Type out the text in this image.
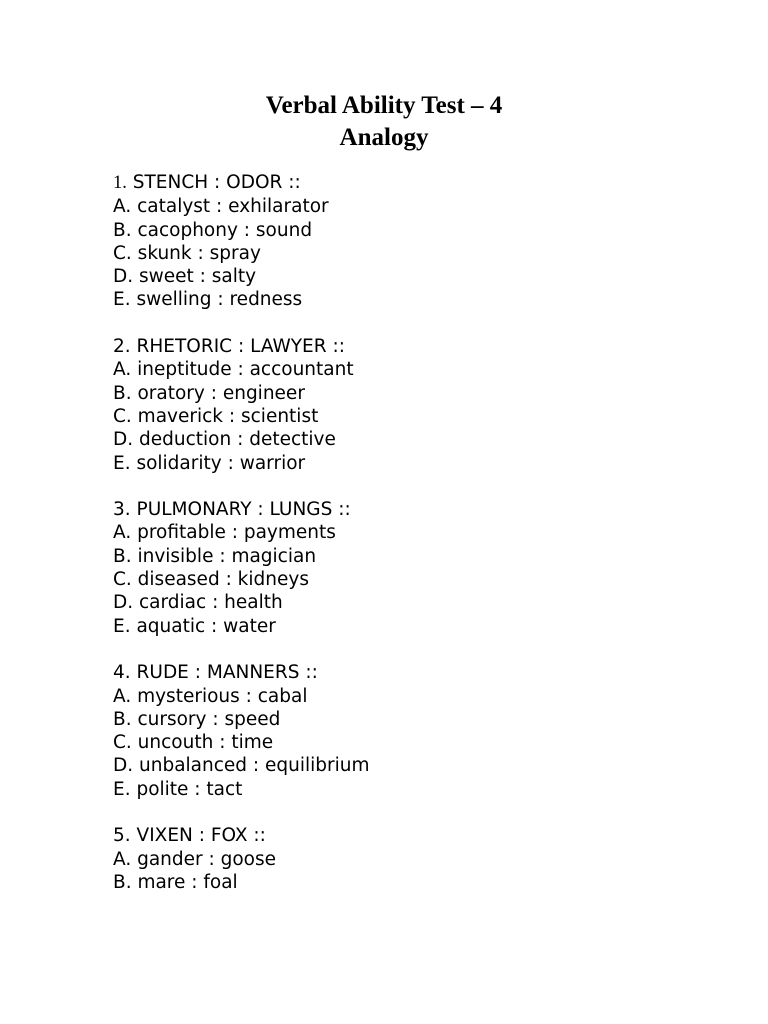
Verbal Ability Test – 4
Analogy
1. STENCH : ODOR ::
A. catalyst : exhilarator
B. cacophony : sound
C. skunk : spray
D. sweet : salty
E. swelling : redness
2. RHETORIC : LAWYER ::
A. ineptitude : accountant
B. oratory : engineer
C. maverick : scientist
D. deduction : detective
E. solidarity : warrior
3. PULMONARY : LUNGS ::
A. profitable : payments
B. invisible : magician
C. diseased : kidneys
D. cardiac : health
E. aquatic : water
4. RUDE : MANNERS ::
A. mysterious : cabal
B. cursory : speed
C. uncouth : time
D. unbalanced : equilibrium
E. polite : tact
5. VIXEN : FOX ::
A. gander : goose
B. mare : foal
